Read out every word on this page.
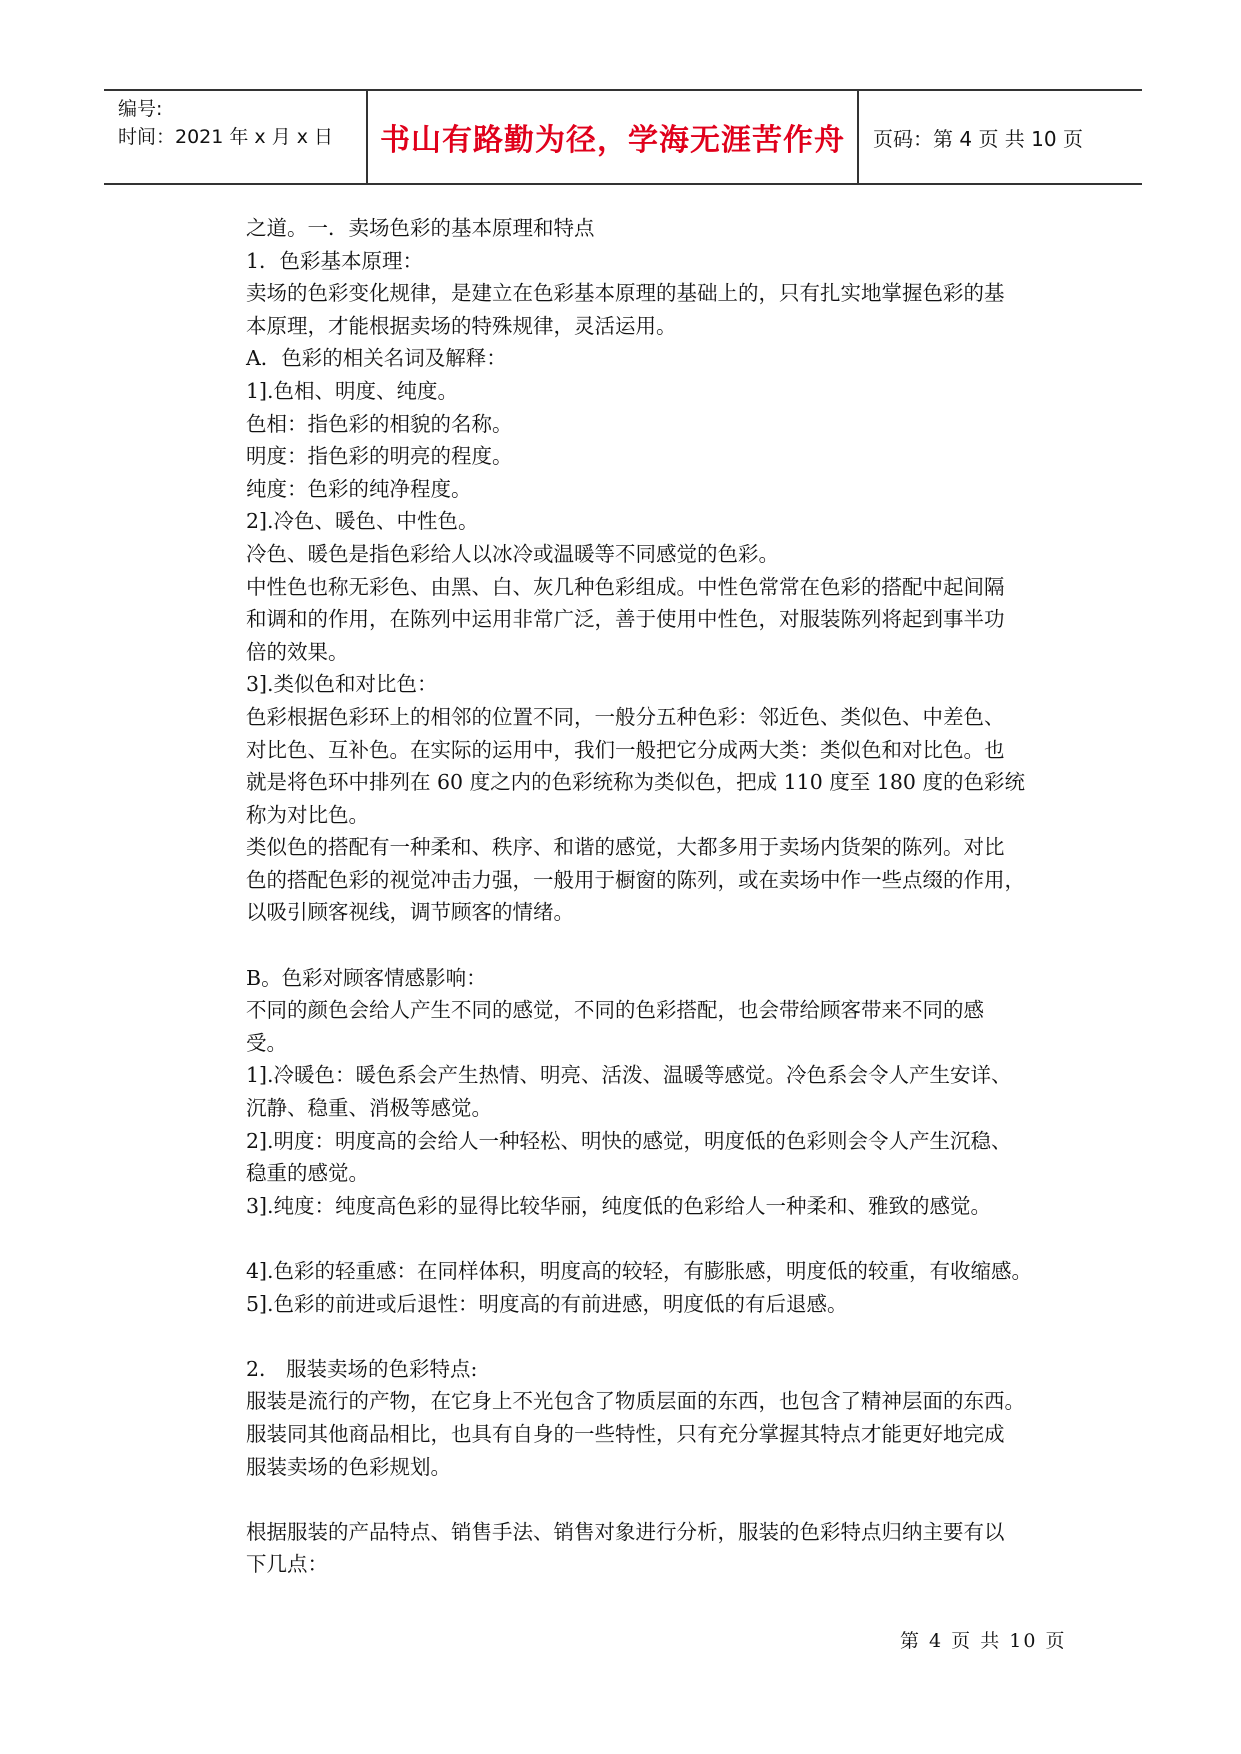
编号:
时间：2021 年 x 月 x 日	书山有路勤为径，学海无涯苦作舟	页码：第 4 页 共 10 页

之道。一．卖场色彩的基本原理和特点

1．色彩基本原理：

卖场的色彩变化规律，是建立在色彩基本原理的基础上的，只有扎实地掌握色彩的基

本原理，才能根据卖场的特殊规律，灵活运用。

A．色彩的相关名词及解释：

1].色相、明度、纯度。

色相：指色彩的相貌的名称。

明度：指色彩的明亮的程度。

纯度：色彩的纯净程度。

2].冷色、暖色、中性色。

冷色、暖色是指色彩给人以冰冷或温暖等不同感觉的色彩。

中性色也称无彩色、由黑、白、灰几种色彩组成。中性色常常在色彩的搭配中起间隔

和调和的作用，在陈列中运用非常广泛，善于使用中性色，对服装陈列将起到事半功

倍的效果。

3].类似色和对比色：

色彩根据色彩环上的相邻的位置不同，一般分五种色彩：邻近色、类似色、中差色、

对比色、互补色。在实际的运用中，我们一般把它分成两大类：类似色和对比色。也

就是将色环中排列在 60 度之内的色彩统称为类似色，把成 110 度至 180 度的色彩统

称为对比色。

类似色的搭配有一种柔和、秩序、和谐的感觉，大都多用于卖场内货架的陈列。对比

色的搭配色彩的视觉冲击力强，一般用于橱窗的陈列，或在卖场中作一些点缀的作用，

以吸引顾客视线，调节顾客的情绪。

B。色彩对顾客情感影响：

不同的颜色会给人产生不同的感觉，不同的色彩搭配，也会带给顾客带来不同的感

受。

1].冷暖色：暖色系会产生热情、明亮、活泼、温暖等感觉。冷色系会令人产生安详、

沉静、稳重、消极等感觉。

2].明度：明度高的会给人一种轻松、明快的感觉，明度低的色彩则会令人产生沉稳、

稳重的感觉。

3].纯度：纯度高色彩的显得比较华丽，纯度低的色彩给人一种柔和、雅致的感觉。

4].色彩的轻重感：在同样体积，明度高的较轻，有膨胀感，明度低的较重，有收缩感。

5].色彩的前进或后退性：明度高的有前进感，明度低的有后退感。

2． 服装卖场的色彩特点:

服装是流行的产物，在它身上不光包含了物质层面的东西，也包含了精神层面的东西。

服装同其他商品相比，也具有自身的一些特性，只有充分掌握其特点才能更好地完成

服装卖场的色彩规划。

根据服装的产品特点、销售手法、销售对象进行分析，服装的色彩特点归纳主要有以

下几点：

第 4 页 共 10 页
